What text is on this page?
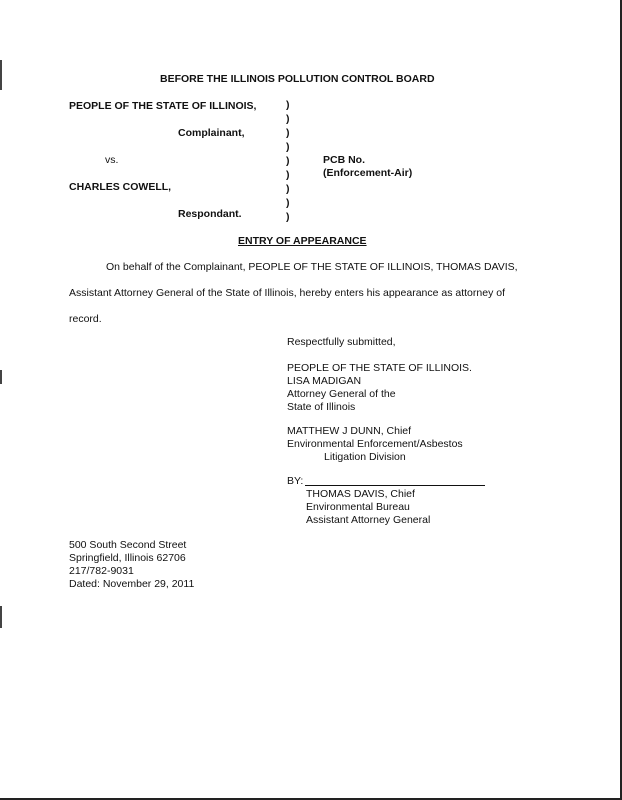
BEFORE THE ILLINOIS POLLUTION CONTROL BOARD
PEOPLE OF THE STATE OF ILLINOIS,
Complainant,
vs.
CHARLES COWELL,
Respondant.
)
)
)
)
)
)
)
)
)
PCB No.
(Enforcement-Air)
ENTRY OF APPEARANCE
On behalf of the Complainant, PEOPLE OF THE STATE OF ILLINOIS, THOMAS DAVIS,
Assistant Attorney General of the State of Illinois, hereby enters his appearance as attorney of
record.
Respectfully submitted,
PEOPLE OF THE STATE OF ILLINOIS.
LISA MADIGAN
Attorney General of the
State of Illinois
MATTHEW J DUNN, Chief
Environmental Enforcement/Asbestos
Litigation Division
BY:
THOMAS DAVIS, Chief
Environmental Bureau
Assistant Attorney General
500 South Second Street
Springfield, Illinois 62706
217/782-9031
Dated: November 29, 2011
